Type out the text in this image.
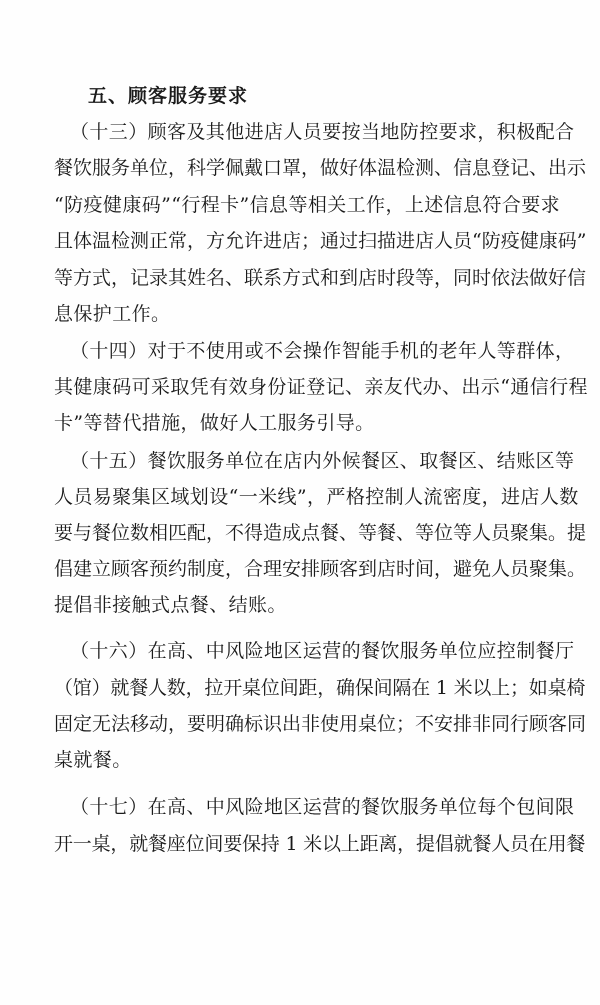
五、顾客服务要求
（十三）顾客及其他进店人员要按当地防控要求，积极配合
餐饮服务单位，科学佩戴口罩，做好体温检测、信息登记、出示
“防疫健康码”“行程卡”信息等相关工作，上述信息符合要求
且体温检测正常，方允许进店；通过扫描进店人员“防疫健康码”
等方式，记录其姓名、联系方式和到店时段等，同时依法做好信
息保护工作。
（十四）对于不使用或不会操作智能手机的老年人等群体，
其健康码可采取凭有效身份证登记、亲友代办、出示“通信行程
卡”等替代措施，做好人工服务引导。
（十五）餐饮服务单位在店内外候餐区、取餐区、结账区等
人员易聚集区域划设“一米线”，严格控制人流密度，进店人数
要与餐位数相匹配，不得造成点餐、等餐、等位等人员聚集。提
倡建立顾客预约制度，合理安排顾客到店时间，避免人员聚集。
提倡非接触式点餐、结账。
（十六）在高、中风险地区运营的餐饮服务单位应控制餐厅
（馆）就餐人数，拉开桌位间距，确保间隔在 1 米以上；如桌椅
固定无法移动，要明确标识出非使用桌位；不安排非同行顾客同
桌就餐。
（十七）在高、中风险地区运营的餐饮服务单位每个包间限
开一桌，就餐座位间要保持 1 米以上距离，提倡就餐人员在用餐
